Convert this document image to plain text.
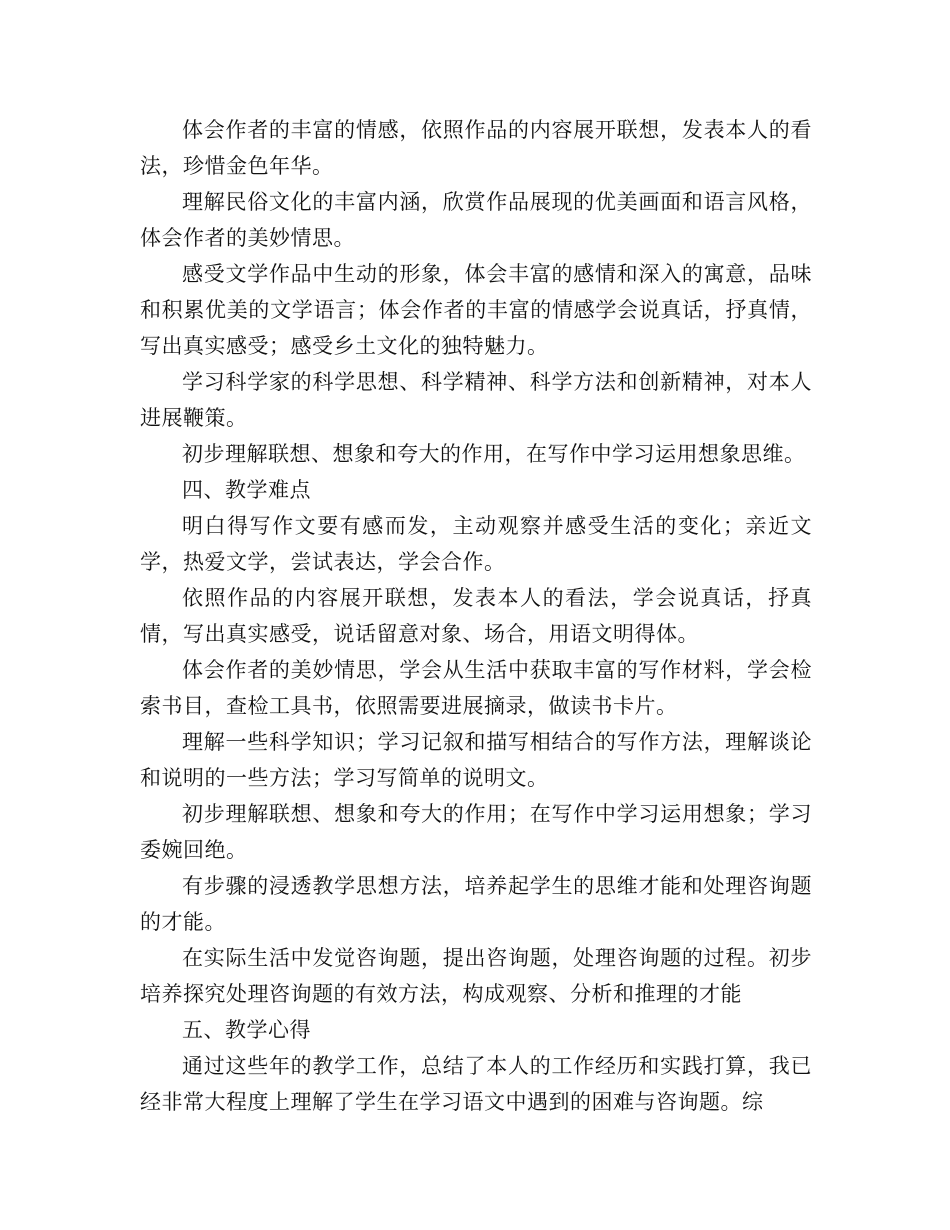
体会作者的丰富的情感，依照作品的内容展开联想，发表本人的看法，珍惜金色年华。

理解民俗文化的丰富内涵，欣赏作品展现的优美画面和语言风格，体会作者的美妙情思。

感受文学作品中生动的形象，体会丰富的感情和深入的寓意，品味和积累优美的文学语言；体会作者的丰富的情感学会说真话，抒真情，写出真实感受；感受乡土文化的独特魅力。

学习科学家的科学思想、科学精神、科学方法和创新精神，对本人进展鞭策。

初步理解联想、想象和夸大的作用，在写作中学习运用想象思维。

四、教学难点

明白得写作文要有感而发，主动观察并感受生活的变化；亲近文学，热爱文学，尝试表达，学会合作。

依照作品的内容展开联想，发表本人的看法，学会说真话，抒真情，写出真实感受，说话留意对象、场合，用语文明得体。

体会作者的美妙情思，学会从生活中获取丰富的写作材料，学会检索书目，查检工具书，依照需要进展摘录，做读书卡片。

理解一些科学知识；学习记叙和描写相结合的写作方法，理解谈论和说明的一些方法；学习写简单的说明文。

初步理解联想、想象和夸大的作用；在写作中学习运用想象；学习委婉回绝。

有步骤的浸透教学思想方法，培养起学生的思维才能和处理咨询题的才能。

在实际生活中发觉咨询题，提出咨询题，处理咨询题的过程。初步培养探究处理咨询题的有效方法，构成观察、分析和推理的才能

五、教学心得

通过这些年的教学工作，总结了本人的工作经历和实践打算，我已经非常大程度上理解了学生在学习语文中遇到的困难与咨询题。综
